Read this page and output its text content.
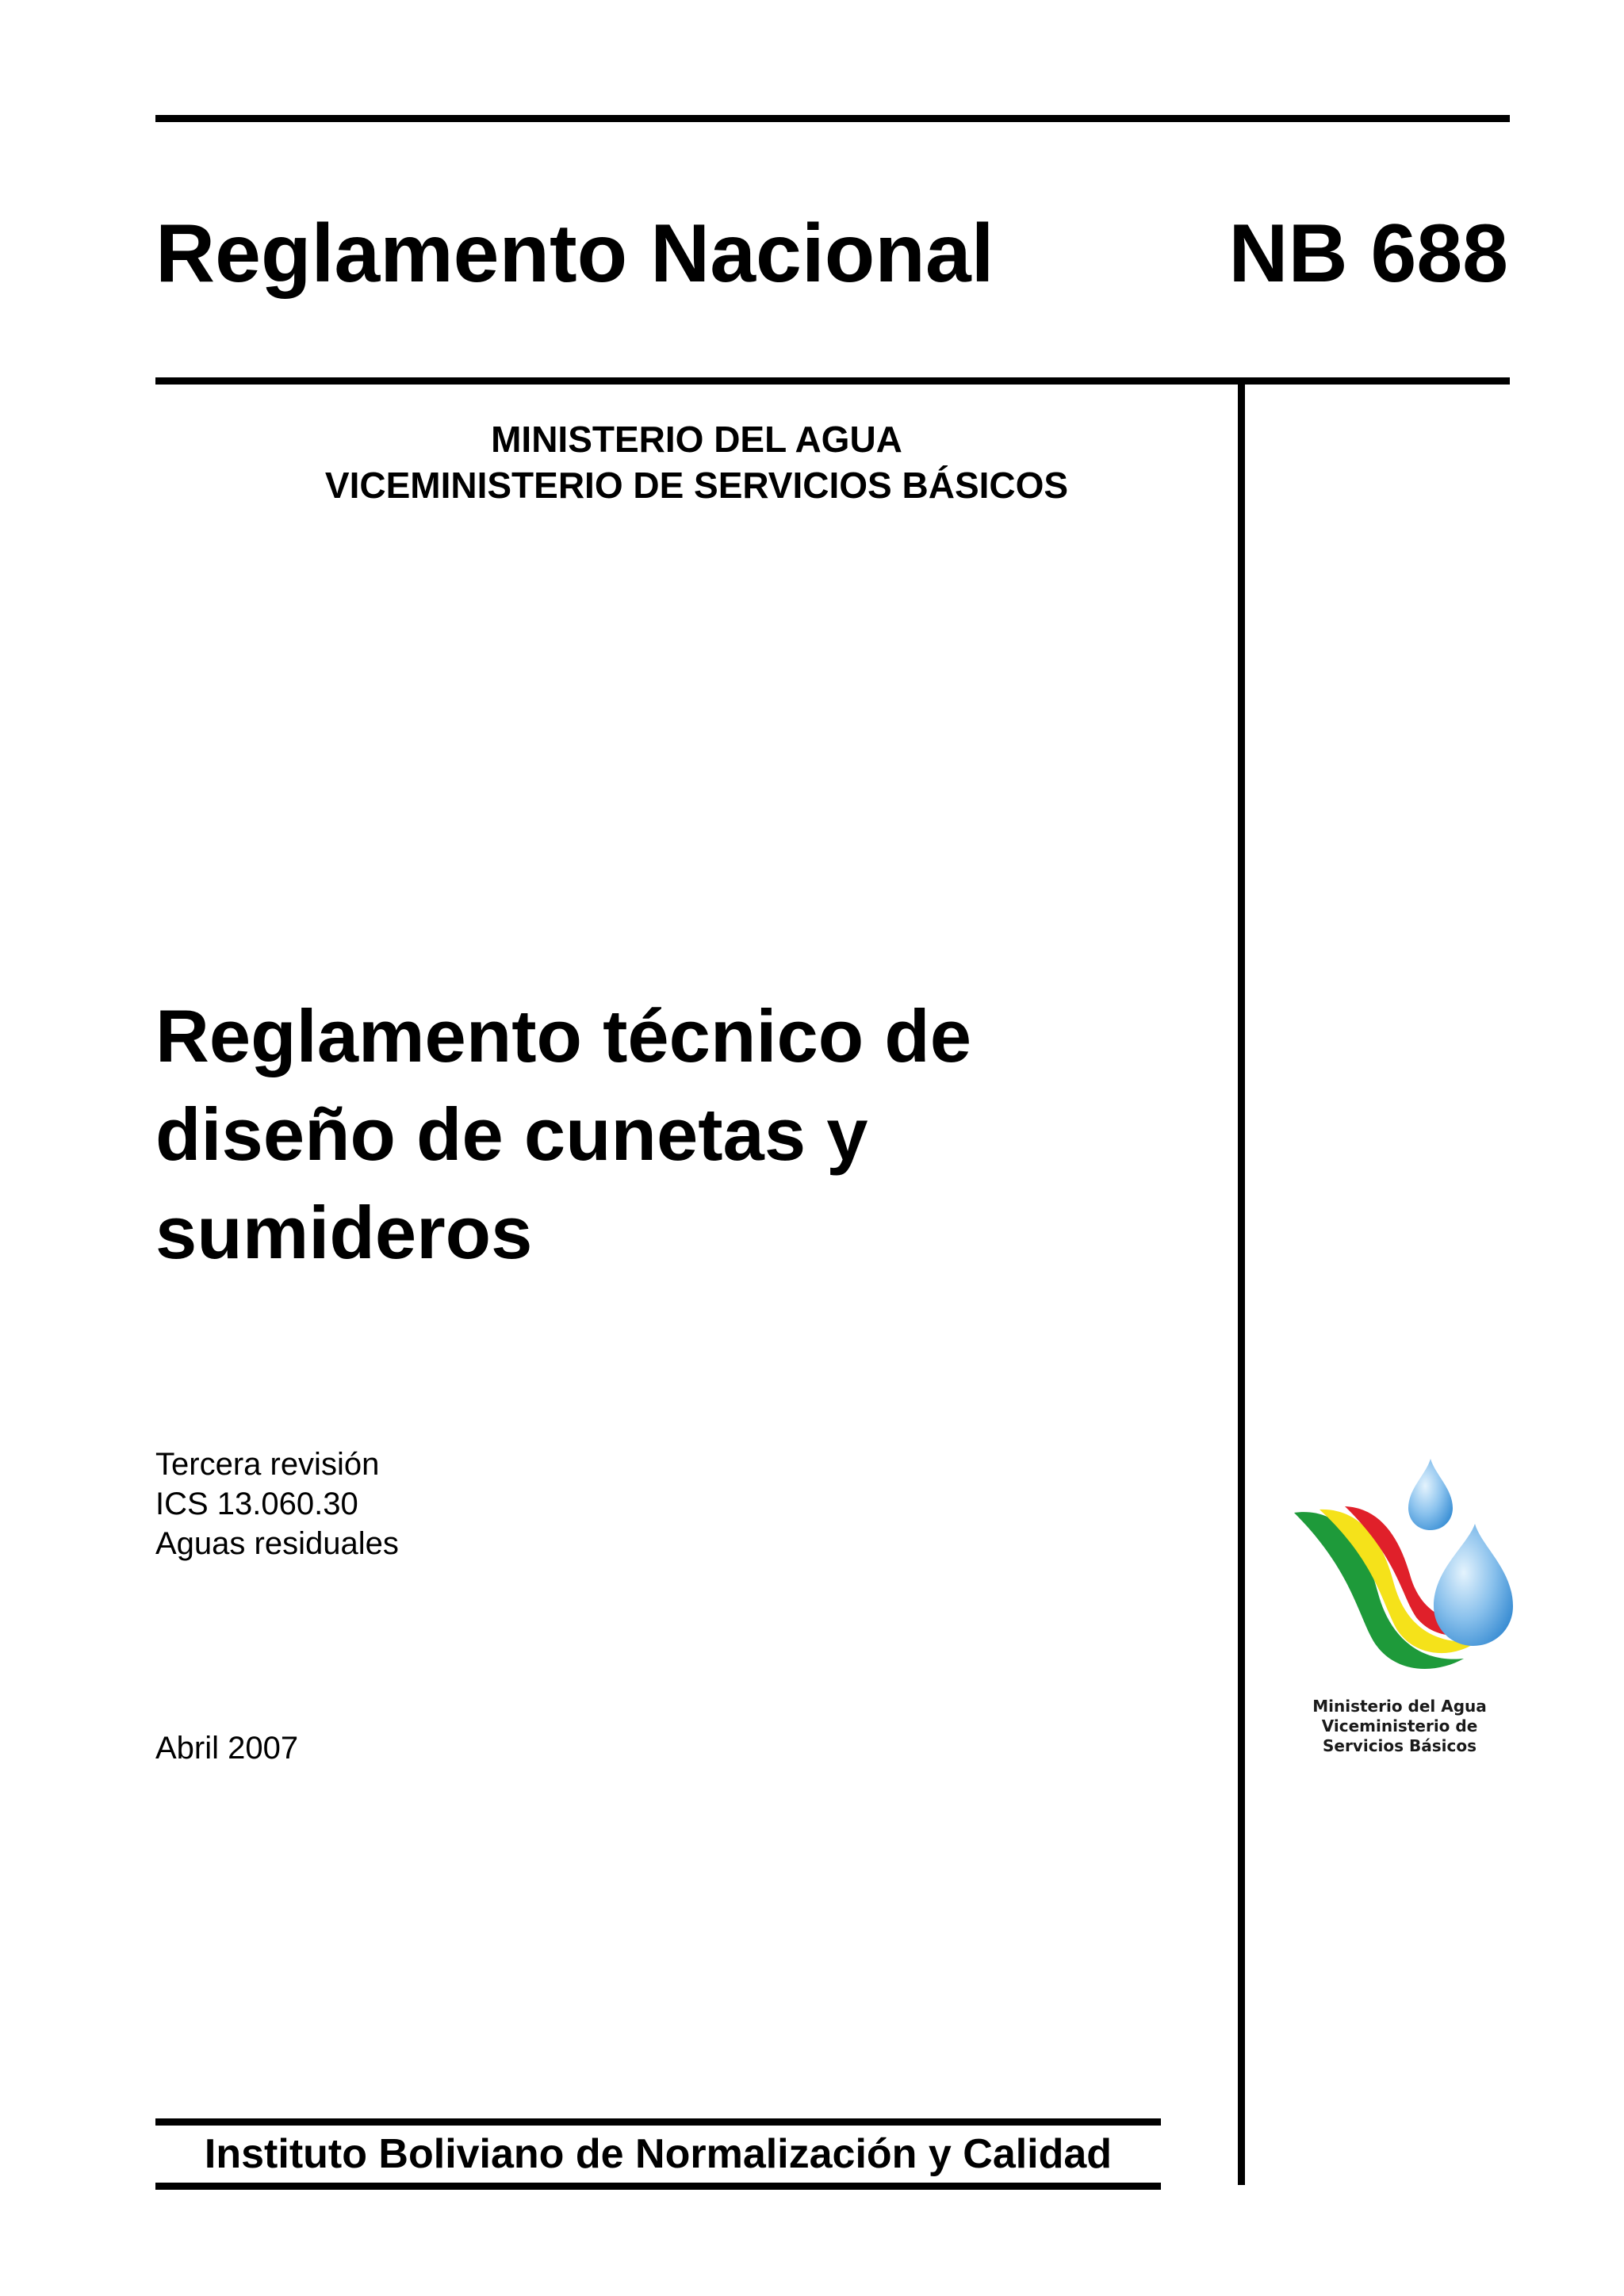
Reglamento Nacional	NB 688
MINISTERIO DEL AGUA
VICEMINISTERIO DE SERVICIOS BÁSICOS
Reglamento técnico de
diseño de cunetas y
sumideros
Tercera revisión
ICS 13.060.30
Aguas residuales
Abril 2007
Ministerio del Agua
Viceministerio de
Servicios Básicos
Instituto Boliviano de Normalización y Calidad
